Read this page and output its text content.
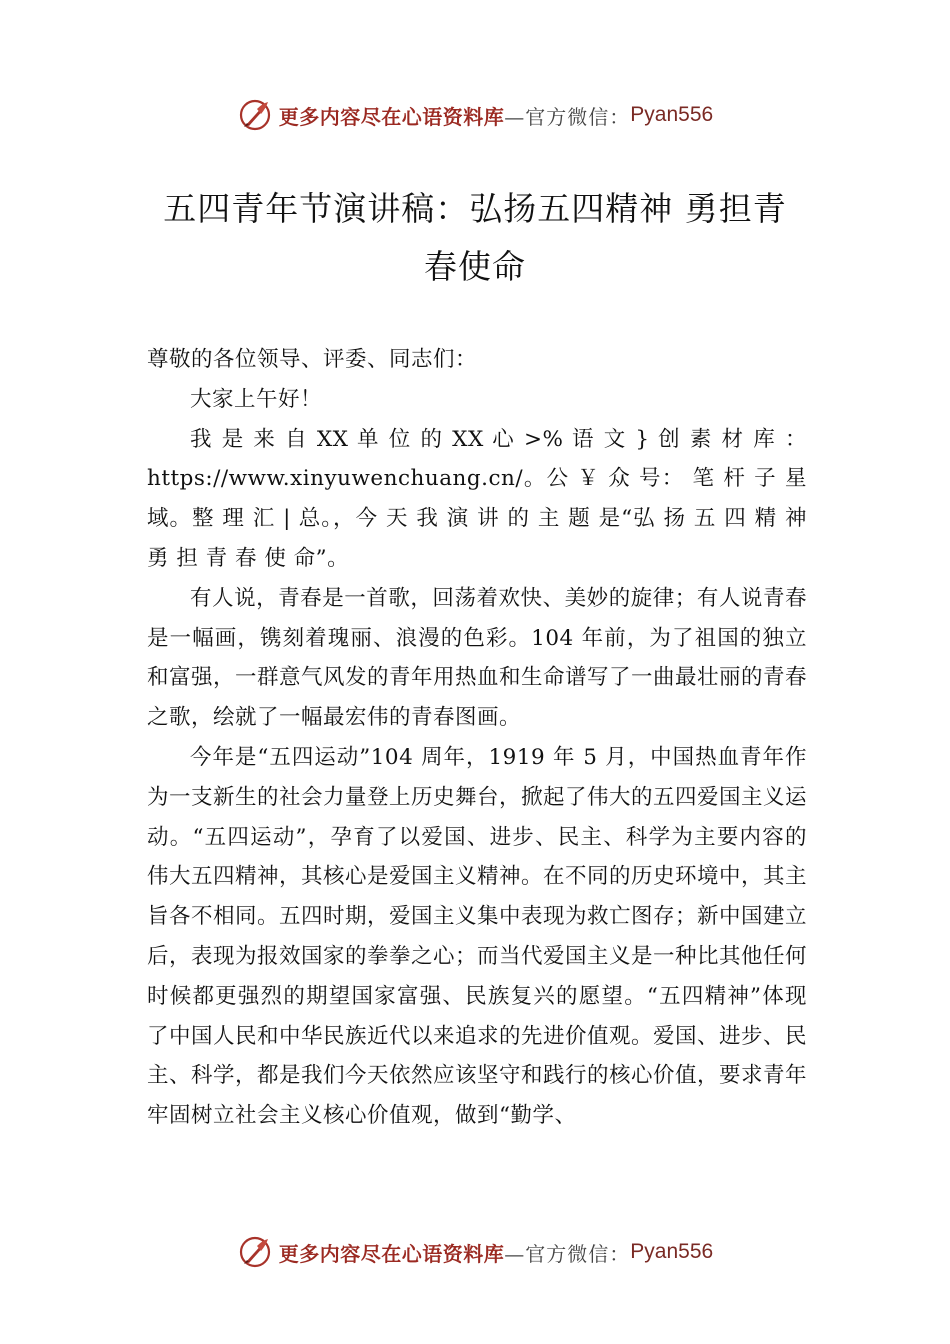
更多内容尽在心语资料库 —官方微信： Pyan556
五四青年节演讲稿：弘扬五四精神 勇担青
春使命

尊敬的各位领导、评委、同志们：

大家上午好！

我 是 来 自 XX 单 位 的 XX 心 >% 语 文 } 创 素 材 库 ： https://www.xinyuwenchuang.cn/。公 ￥ 众 号： 笔 杆 子 星 域。整 理 汇 | 总。，今 天 我 演 讲 的 主 题 是“弘 扬 五 四 精 神 勇 担 青 春 使 命”。

有人说，青春是一首歌，回荡着欢快、美妙的旋律；有人说青春是一幅画，镌刻着瑰丽、浪漫的色彩。104 年前，为了祖国的独立和富强，一群意气风发的青年用热血和生命谱写了一曲最壮丽的青春之歌，绘就了一幅最宏伟的青春图画。

今年是“五四运动”104 周年，1919 年 5 月，中国热血青年作为一支新生的社会力量登上历史舞台，掀起了伟大的五四爱国主义运动。“五四运动”，孕育了以爱国、进步、民主、科学为主要内容的伟大五四精神，其核心是爱国主义精神。在不同的历史环境中，其主旨各不相同。五四时期，爱国主义集中表现为救亡图存；新中国建立后，表现为报效国家的拳拳之心；而当代爱国主义是一种比其他任何时候都更强烈的期望国家富强、民族复兴的愿望。“五四精神”体现了中国人民和中华民族近代以来追求的先进价值观。爱国、进步、民主、科学，都是我们今天依然应该坚守和践行的核心价值，要求青年牢固树立社会主义核心价值观，做到“勤学、

更多内容尽在心语资料库 —官方微信： Pyan556
